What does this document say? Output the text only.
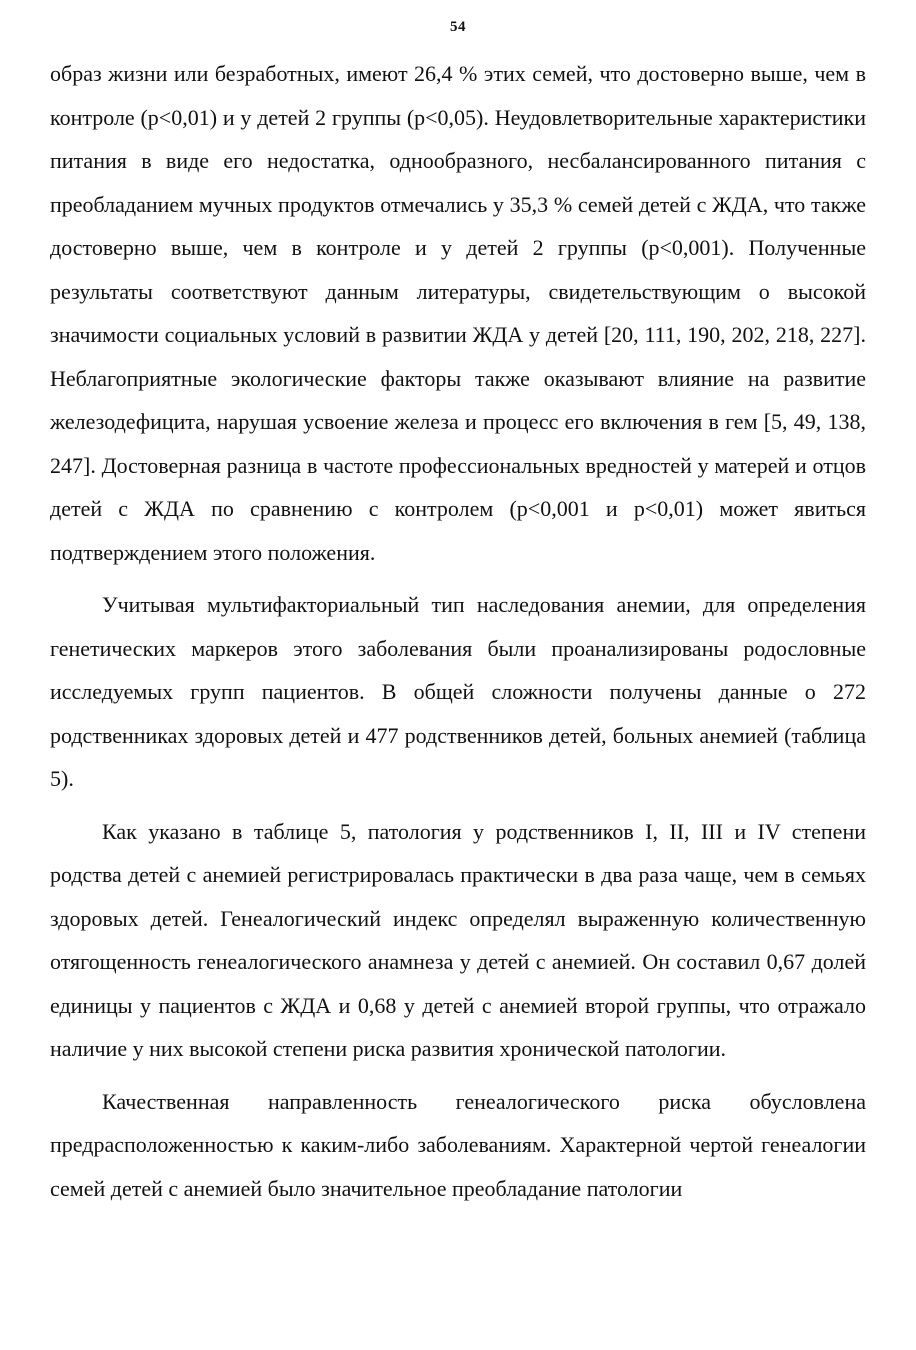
54

образ жизни или безработных, имеют 26,4 % этих семей, что достоверно выше, чем в контроле (р<0,01) и у детей 2 группы (р<0,05). Неудовлетворительные характеристики питания в виде его недостатка, однообразного, несбалансированного питания с преобладанием мучных продуктов отмечались у 35,3 % семей детей с ЖДА, что также достоверно выше, чем в контроле и у детей 2 группы (р<0,001). Полученные результаты соответствуют данным литературы, свидетельствующим о высокой значимости социальных условий в развитии ЖДА у детей [20, 111, 190, 202, 218, 227]. Неблагоприятные экологические факторы также оказывают влияние на развитие железодефицита, нарушая усвоение железа и процесс его включения в гем [5, 49, 138, 247]. Достоверная разница в частоте профессиональных вредностей у матерей и отцов детей с ЖДА по сравнению с контролем (р<0,001 и р<0,01) может явиться подтверждением этого положения.

Учитывая мультифакториальный тип наследования анемии, для определения генетических маркеров этого заболевания были проанализированы родословные исследуемых групп пациентов. В общей сложности получены данные о 272 родственниках здоровых детей и 477 родственников детей, больных анемией (таблица 5).

Как указано в таблице 5, патология у родственников I, II, III и IV степени родства детей с анемией регистрировалась практически в два раза чаще, чем в семьях здоровых детей. Генеалогический индекс определял выраженную количественную отягощенность генеалогического анамнеза у детей с анемией. Он составил 0,67 долей единицы у пациентов с ЖДА и 0,68 у детей с анемией второй группы, что отражало наличие у них высокой степени риска развития хронической патологии.

Качественная направленность генеалогического риска обусловлена предрасположенностью к каким-либо заболеваниям. Характерной чертой генеалогии семей детей с анемией было значительное преобладание патологии
